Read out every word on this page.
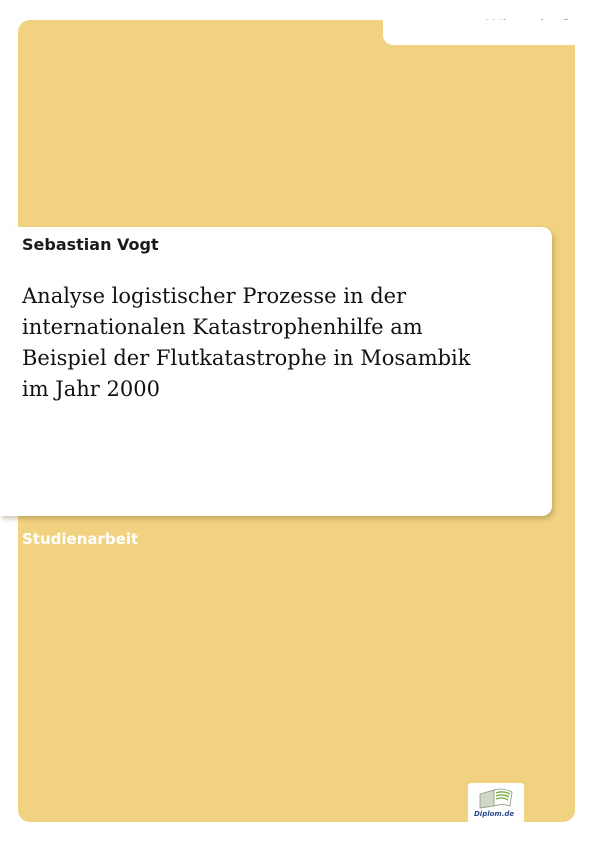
Sebastian Vogt
Analyse logistischer Prozesse in der
internationalen Katastrophenhilfe am
Beispiel der Flutkatastrophe in Mosambik
im Jahr 2000
Studienarbeit
Diplom.de
